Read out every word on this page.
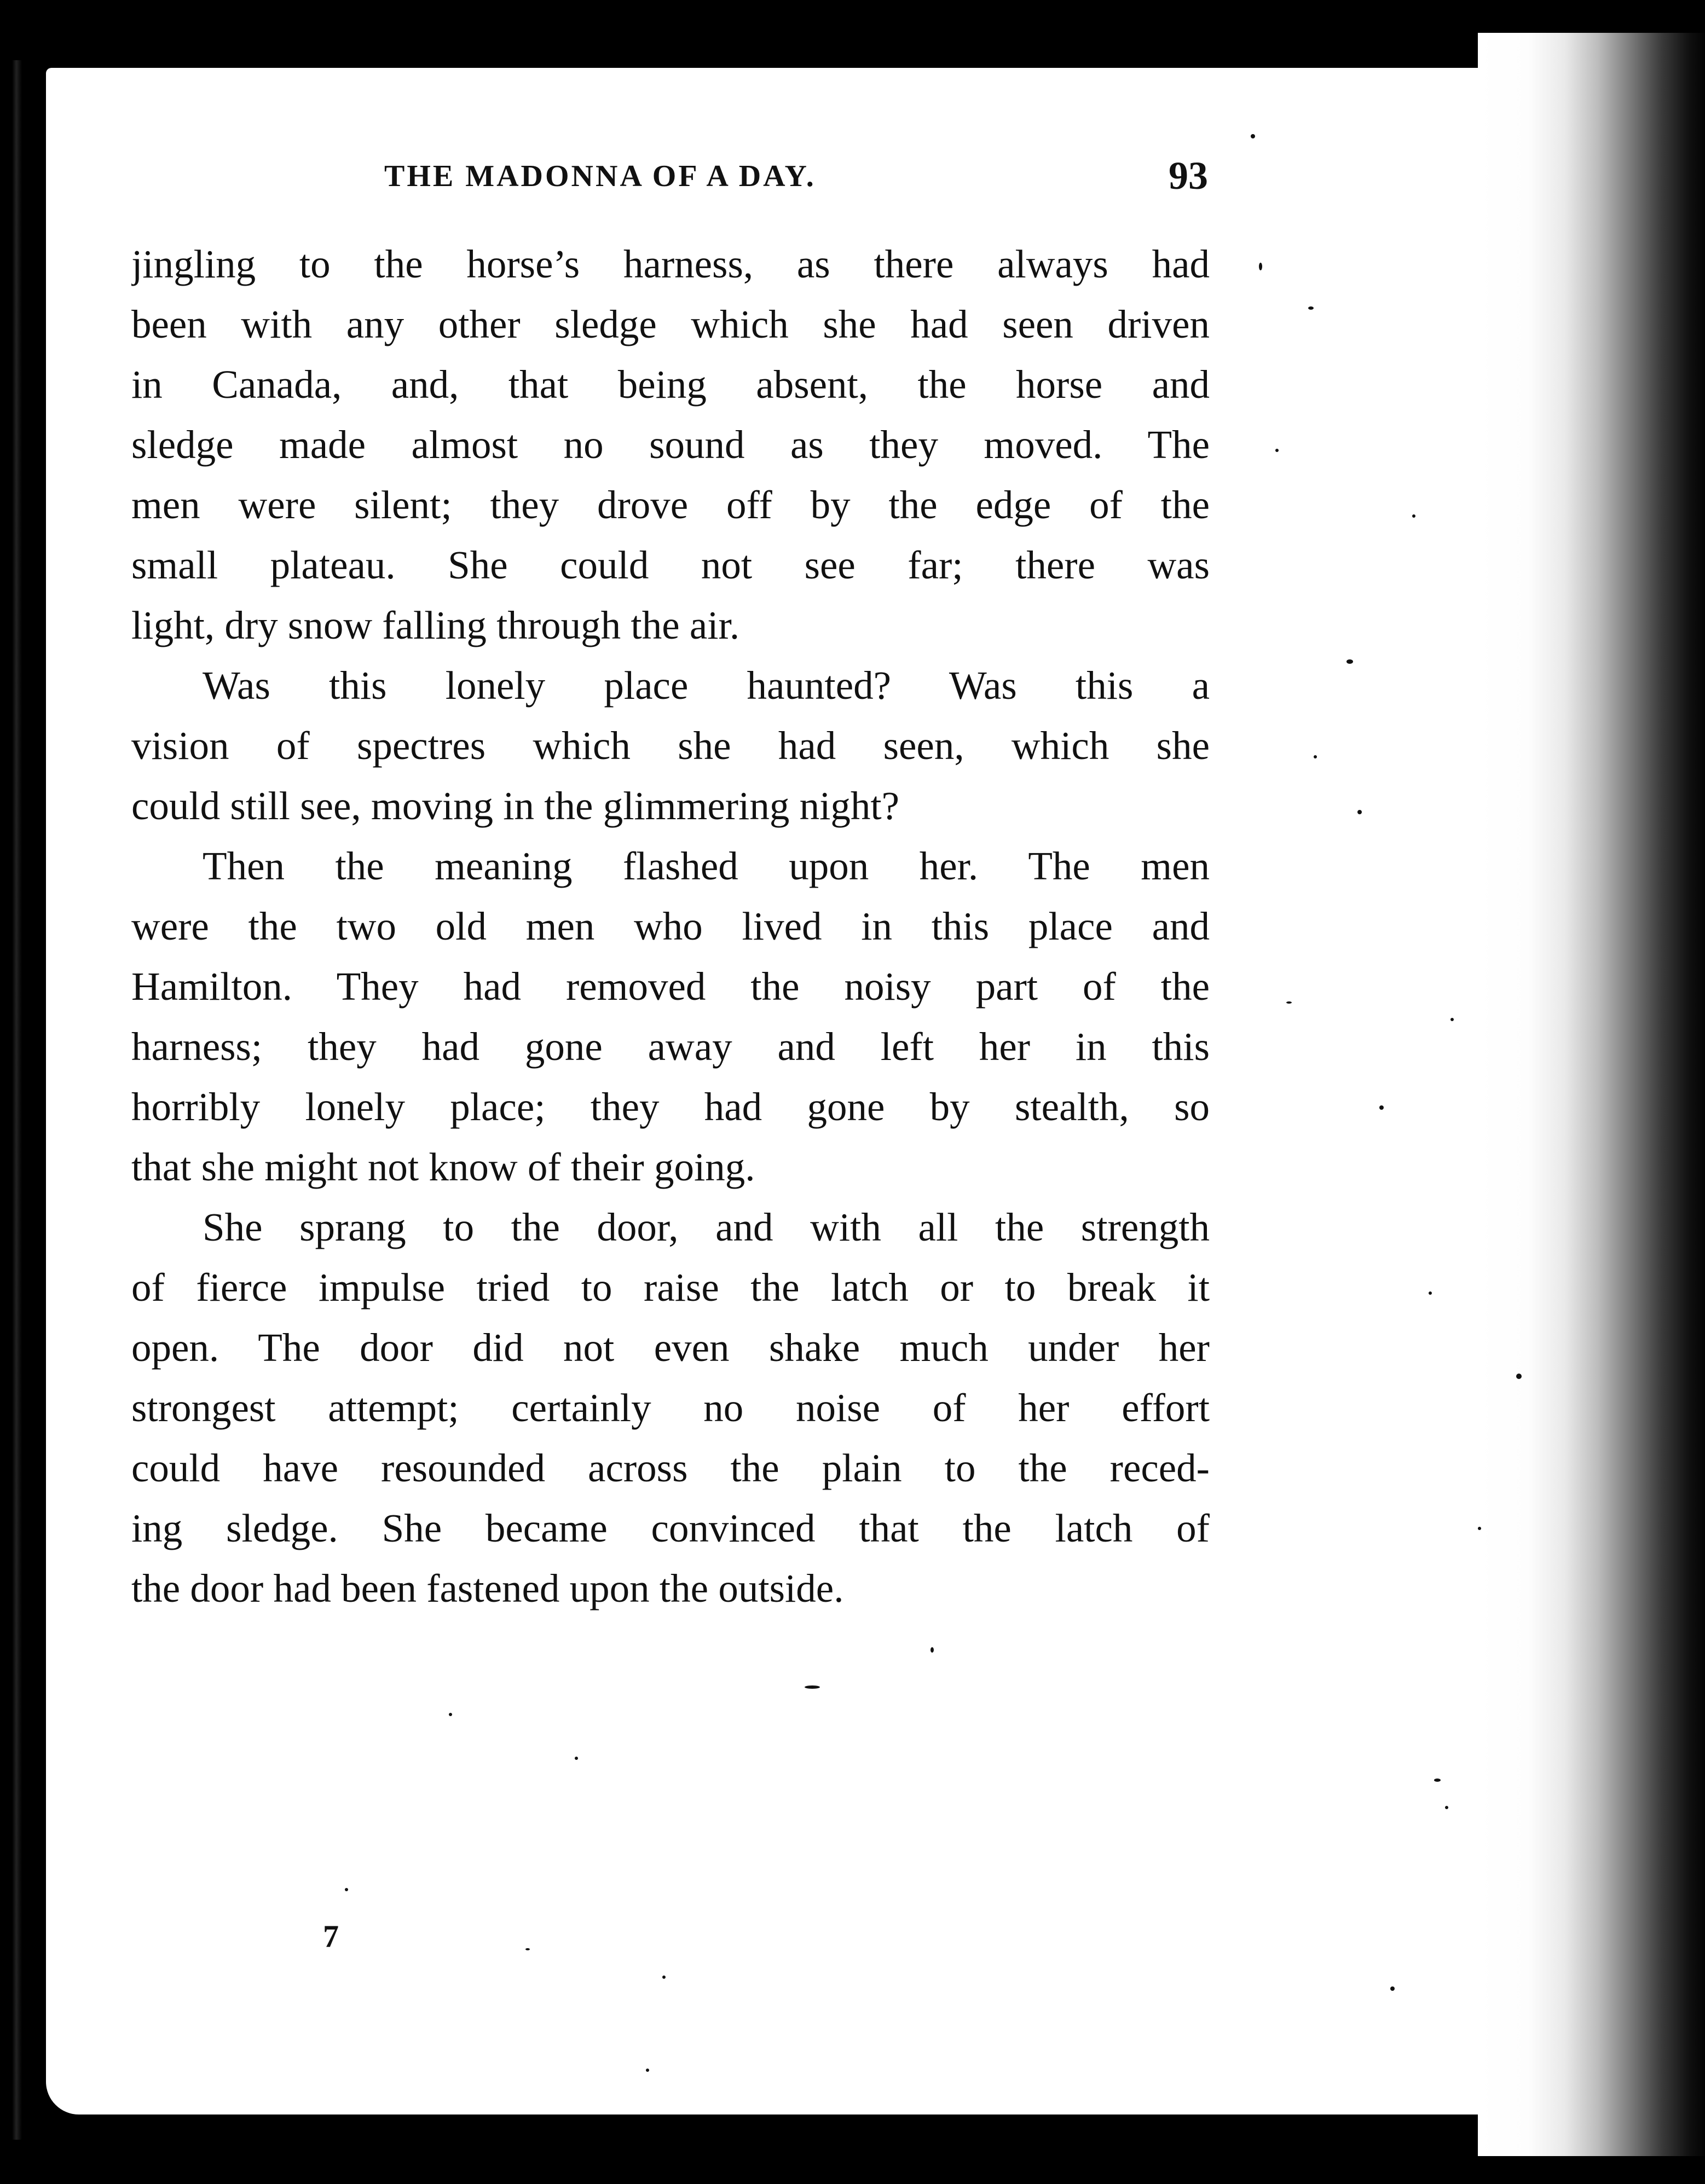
THE MADONNA OF A DAY.	93

jingling to the horse’s harness, as there always had
been with any other sledge which she had seen driven
in Canada, and, that being absent, the horse and
sledge made almost no sound as they moved. The
men were silent; they drove off by the edge of the
small plateau. She could not see far; there was
light, dry snow falling through the air.

Was this lonely place haunted? Was this a
vision of spectres which she had seen, which she
could still see, moving in the glimmering night?

Then the meaning flashed upon her. The men
were the two old men who lived in this place and
Hamilton. They had removed the noisy part of the
harness; they had gone away and left her in this
horribly lonely place; they had gone by stealth, so
that she might not know of their going.

She sprang to the door, and with all the strength
of fierce impulse tried to raise the latch or to break it
open. The door did not even shake much under her
strongest attempt; certainly no noise of her effort
could have resounded across the plain to the reced-
ing sledge. She became convinced that the latch of
the door had been fastened upon the outside.

7
